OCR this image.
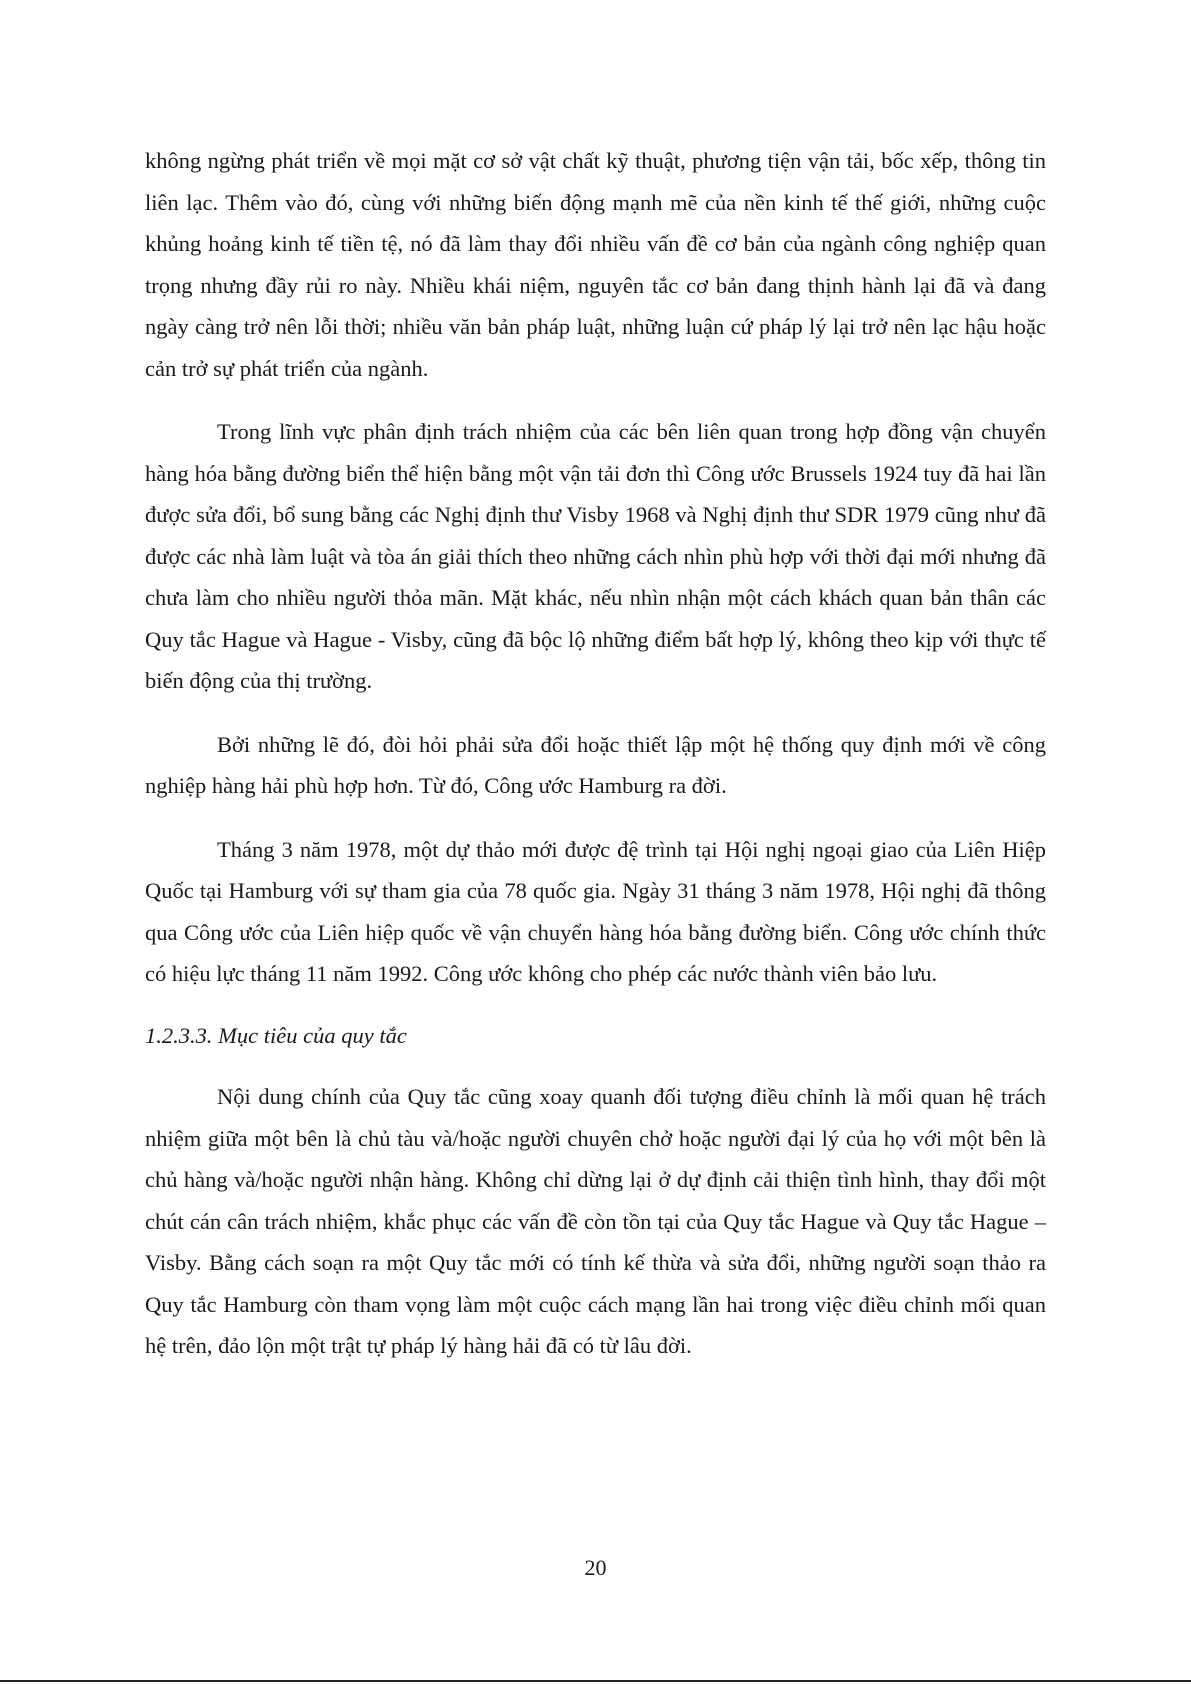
không ngừng phát triển về mọi mặt cơ sở vật chất kỹ thuật, phương tiện vận tải, bốc xếp, thông tin liên lạc. Thêm vào đó, cùng với những biến động mạnh mẽ của nền kinh tế thế giới, những cuộc khủng hoảng kinh tế tiền tệ, nó đã làm thay đổi nhiều vấn đề cơ bản của ngành công nghiệp quan trọng nhưng đầy rủi ro này. Nhiều khái niệm, nguyên tắc cơ bản đang thịnh hành lại đã và đang ngày càng trở nên lỗi thời; nhiều văn bản pháp luật, những luận cứ pháp lý lại trở nên lạc hậu hoặc cản trở sự phát triển của ngành.

Trong lĩnh vực phân định trách nhiệm của các bên liên quan trong hợp đồng vận chuyển hàng hóa bằng đường biển thể hiện bằng một vận tải đơn thì Công ước Brussels 1924 tuy đã hai lần được sửa đổi, bổ sung bằng các Nghị định thư Visby 1968 và Nghị định thư SDR 1979 cũng như đã được các nhà làm luật và tòa án giải thích theo những cách nhìn phù hợp với thời đại mới nhưng đã chưa làm cho nhiều người thỏa mãn. Mặt khác, nếu nhìn nhận một cách khách quan bản thân các Quy tắc Hague và Hague - Visby, cũng đã bộc lộ những điểm bất hợp lý, không theo kịp với thực tế biến động của thị trường.

Bởi những lẽ đó, đòi hỏi phải sửa đổi hoặc thiết lập một hệ thống quy định mới về công nghiệp hàng hải phù hợp hơn. Từ đó, Công ước Hamburg ra đời.

Tháng 3 năm 1978, một dự thảo mới được đệ trình tại Hội nghị ngoại giao của Liên Hiệp Quốc tại Hamburg với sự tham gia của 78 quốc gia. Ngày 31 tháng 3 năm 1978, Hội nghị đã thông qua Công ước của Liên hiệp quốc về vận chuyển hàng hóa bằng đường biển. Công ước chính thức có hiệu lực tháng 11 năm 1992. Công ước không cho phép các nước thành viên bảo lưu.

1.2.3.3. Mục tiêu của quy tắc

Nội dung chính của Quy tắc cũng xoay quanh đối tượng điều chỉnh là mối quan hệ trách nhiệm giữa một bên là chủ tàu và/hoặc người chuyên chở hoặc người đại lý của họ với một bên là chủ hàng và/hoặc người nhận hàng. Không chỉ dừng lại ở dự định cải thiện tình hình, thay đổi một chút cán cân trách nhiệm, khắc phục các vấn đề còn tồn tại của Quy tắc Hague và Quy tắc Hague – Visby. Bằng cách soạn ra một Quy tắc mới có tính kế thừa và sửa đổi, những người soạn thảo ra Quy tắc Hamburg còn tham vọng làm một cuộc cách mạng lần hai trong việc điều chỉnh mối quan hệ trên, đảo lộn một trật tự pháp lý hàng hải đã có từ lâu đời.

20
